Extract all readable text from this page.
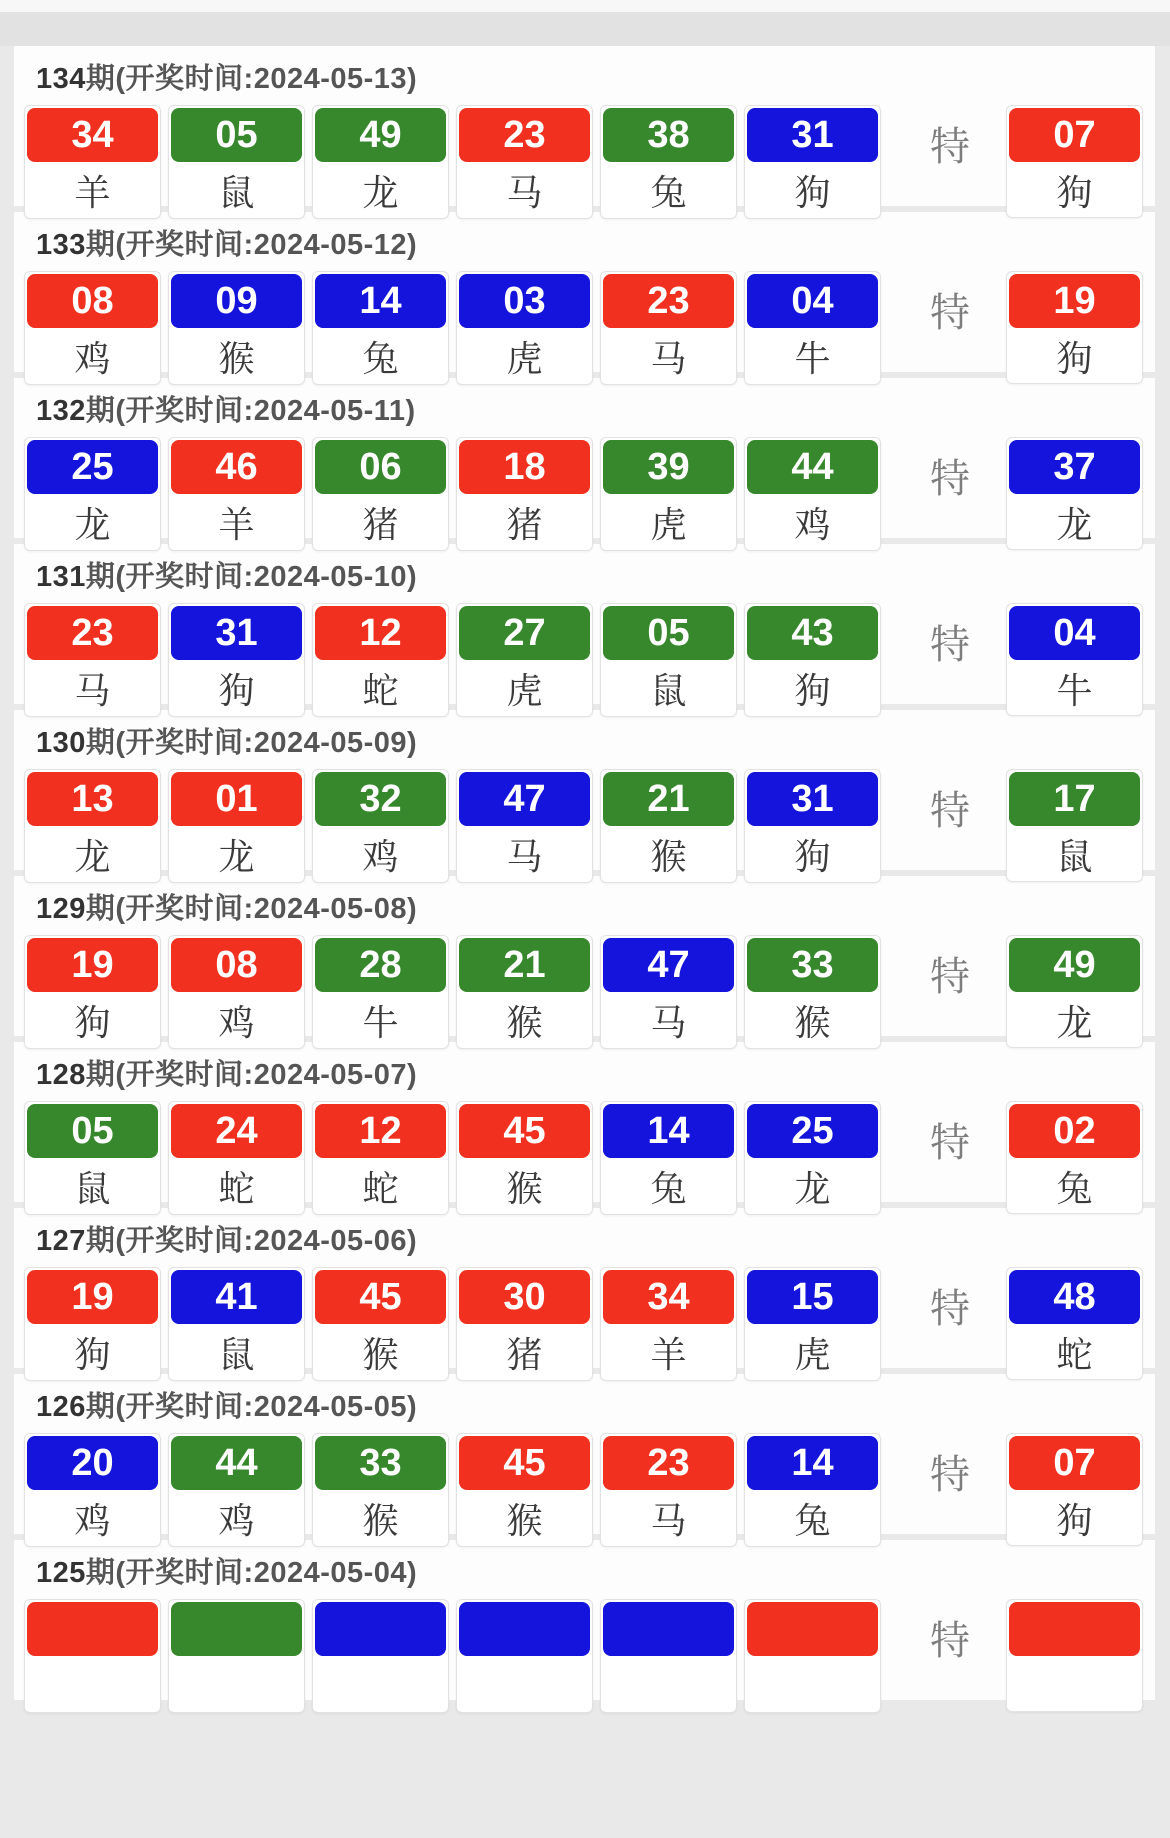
134期(开奖时间:2024-05-13)
特
34
羊
05
鼠
49
龙
23
马
38
兔
31
狗
07
狗
133期(开奖时间:2024-05-12)
特
08
鸡
09
猴
14
兔
03
虎
23
马
04
牛
19
狗
132期(开奖时间:2024-05-11)
特
25
龙
46
羊
06
猪
18
猪
39
虎
44
鸡
37
龙
131期(开奖时间:2024-05-10)
特
23
马
31
狗
12
蛇
27
虎
05
鼠
43
狗
04
牛
130期(开奖时间:2024-05-09)
特
13
龙
01
龙
32
鸡
47
马
21
猴
31
狗
17
鼠
129期(开奖时间:2024-05-08)
特
19
狗
08
鸡
28
牛
21
猴
47
马
33
猴
49
龙
128期(开奖时间:2024-05-07)
特
05
鼠
24
蛇
12
蛇
45
猴
14
兔
25
龙
02
兔
127期(开奖时间:2024-05-06)
特
19
狗
41
鼠
45
猴
30
猪
34
羊
15
虎
48
蛇
126期(开奖时间:2024-05-05)
特
20
鸡
44
鸡
33
猴
45
猴
23
马
14
兔
07
狗
125期(开奖时间:2024-05-04)
特
